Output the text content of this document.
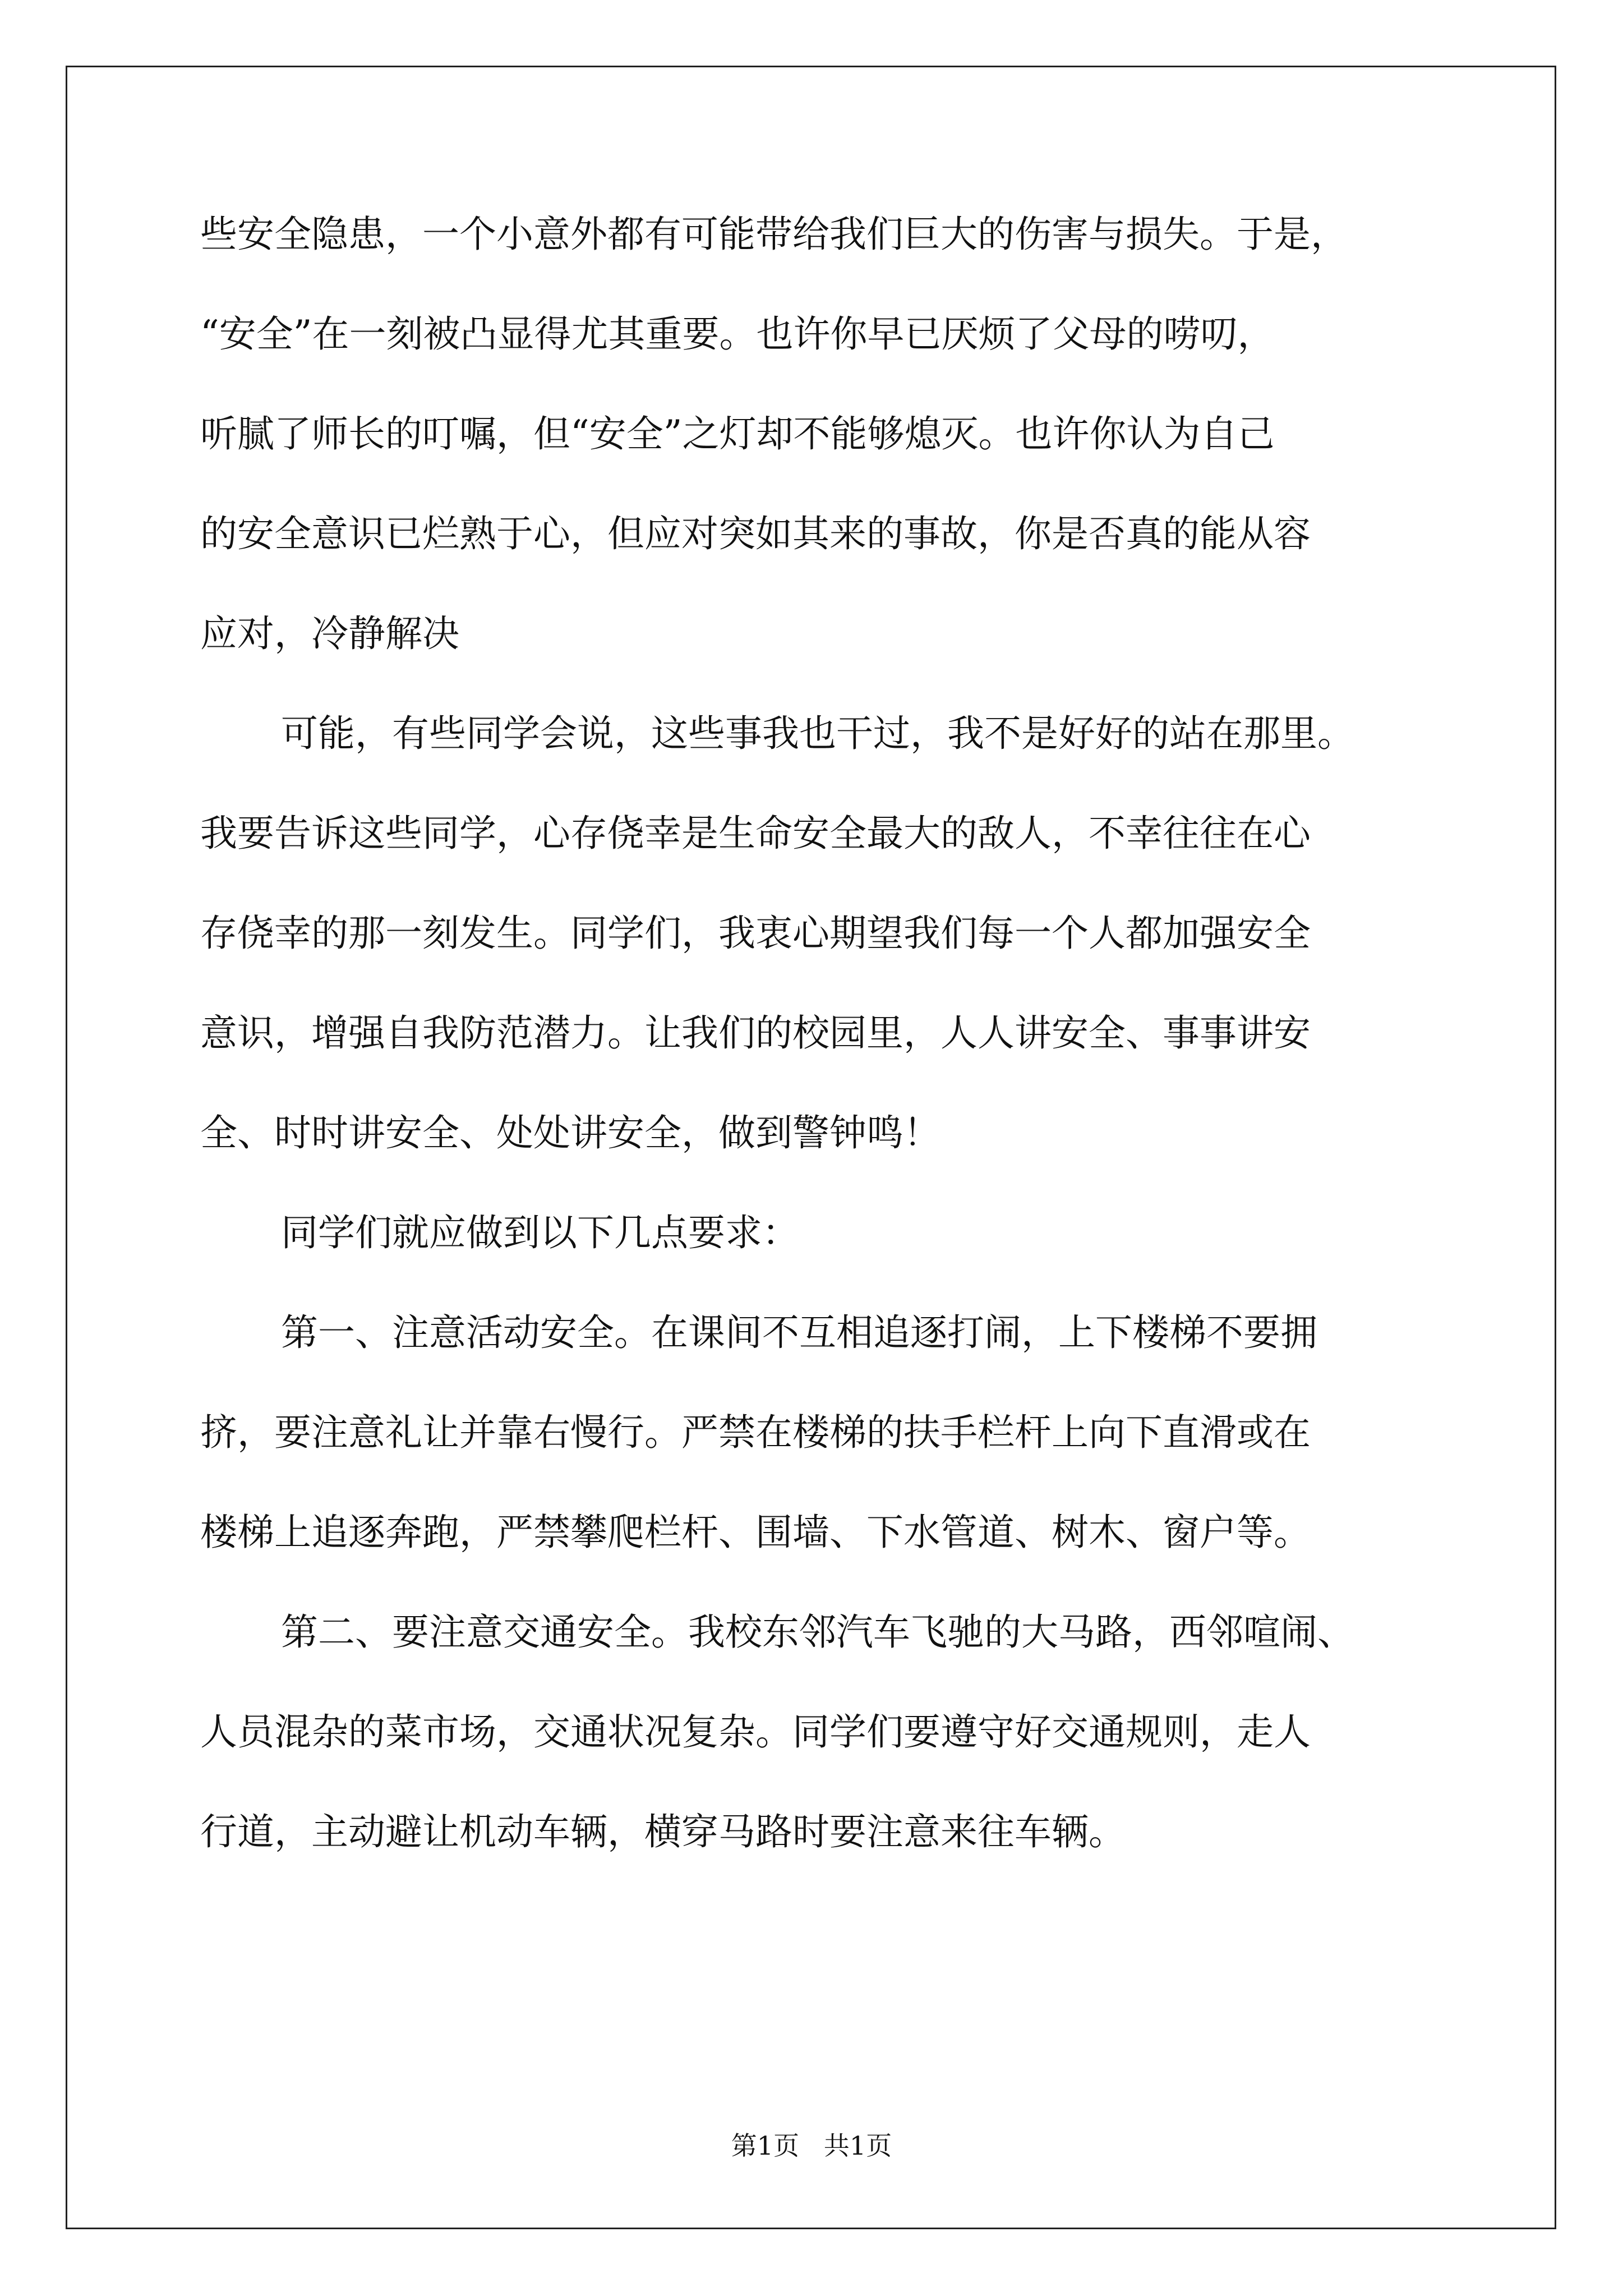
些安全隐患，一个小意外都有可能带给我们巨大的伤害与损失。于是，
“安全”在一刻被凸显得尤其重要。也许你早已厌烦了父母的唠叨，
听腻了师长的叮嘱，但“安全”之灯却不能够熄灭。也许你认为自己
的安全意识已烂熟于心，但应对突如其来的事故，你是否真的能从容
应对，冷静解决
可能，有些同学会说，这些事我也干过，我不是好好的站在那里。
我要告诉这些同学，心存侥幸是生命安全最大的敌人，不幸往往在心
存侥幸的那一刻发生。同学们，我衷心期望我们每一个人都加强安全
意识，增强自我防范潜力。让我们的校园里，人人讲安全、事事讲安
全、时时讲安全、处处讲安全，做到警钟鸣！
同学们就应做到以下几点要求：
第一、注意活动安全。在课间不互相追逐打闹，上下楼梯不要拥
挤，要注意礼让并靠右慢行。严禁在楼梯的扶手栏杆上向下直滑或在
楼梯上追逐奔跑，严禁攀爬栏杆、围墙、下水管道、树木、窗户等。
第二、要注意交通安全。我校东邻汽车飞驰的大马路，西邻喧闹、
人员混杂的菜市场，交通状况复杂。同学们要遵守好交通规则，走人
行道，主动避让机动车辆，横穿马路时要注意来往车辆。
第1页   共1页
